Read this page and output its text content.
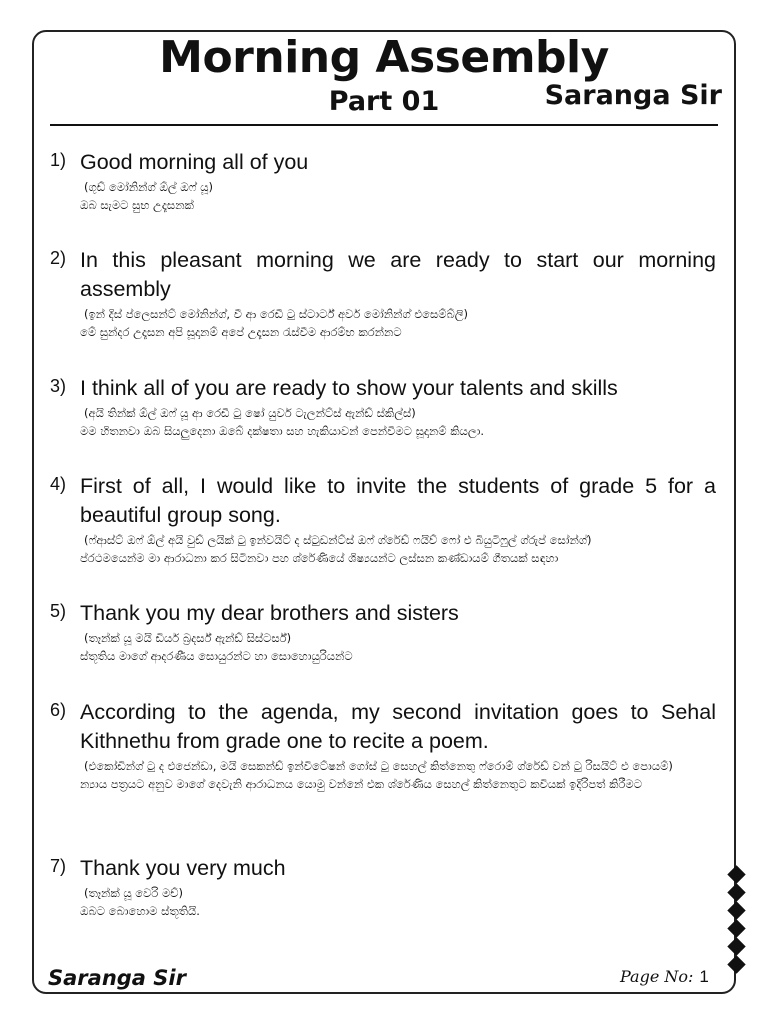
Morning Assembly
Part 01	Saranga Sir
1) Good morning all of you
(ගුඩ් මෝනින්ග් ඕල් ඔෆ් යූ)
ඔබ සැමට සුභ උදෑසනක්
2) In this pleasant morning we are ready to start our morning assembly
(ඉන් දිස් ප්ලෙසන්ට් මෝනින්ග්, වී ආ රෙඩී ටු ස්ටාර්ට් අවර් මෝනින්ග් එසෙම්බ්ලි)
මේ සුන්දර උදෑසන අපි සූදානම් අපේ උදෑසන රැස්වීම ආරම්භ කරන්නට
3) I think all of you are ready to show your talents and skills
(අයි තින්ක් ඕල් ඔෆ් යූ ආ රෙඩී ටු ෂෝ යුවර් ටැලන්ට්ස් ඇන්ඩ් ස්කිල්ස්)
මම හිතනවා ඔබ සියලුදෙනා ඔබේ දක්ෂතා සහ හැකියාවන් පෙන්වීමට සූදානම් කියලා.
4) First of all, I would like to invite the students of grade 5 for a beautiful group song.
(ෆ්ආස්ට් ඔෆ් ඕල් අයි වුඩ් ලයික් ටු ඉන්වයිට් ද ස්ටුඩන්ට්ස් ඔෆ් ග්රේඩ් ෆයිව් ෆෝ එ බියුටිෆුල් ග්රුප් සෝන්ග්)
ප්රථමයෙන්ම මා ආරාධනා කර සිටිනවා පහ ශ්රේණියේ ශිෂ්‍යයන්ට ලස්සන කණ්ඩායම් ගීතයක් සඳහා
5) Thank you my dear brothers and sisters
(තෑන්ක් යූ මයි ඩියර් බ්‍රදර්ස් ඇන්ඩ් සිස්ටර්ස්)
ස්තූතිය මාගේ ආදරණීය සොයුරන්ට හා සොහොයුරියන්ට
6) According to the agenda, my second invitation goes to Sehal Kithnethu from grade one to recite a poem.
(එකෝඩින්ග් ටු ද එජෙන්ඩා, මයි සෙකන්ඩ් ඉන්විටේෂන් ගෝස් ටු සෙහල් කිත්නෙතු ෆ්රොම් ග්රේඩ් වන් ටු රිසයිට් එ පොයම්)
න්‍යාය පත්‍රයට අනුව මාගේ දෙවැනි ආරාධනය යොමු වන්නේ එක ශ්රේණිය සෙහල් කිත්නෙතුට කවියක් ඉදිරිපත් කිරීමට
7) Thank you very much
(තෑන්ක් යූ වෙරි මච්)
ඔබට බොහොම ස්තූතියි.
Saranga Sir	Page No: 1
